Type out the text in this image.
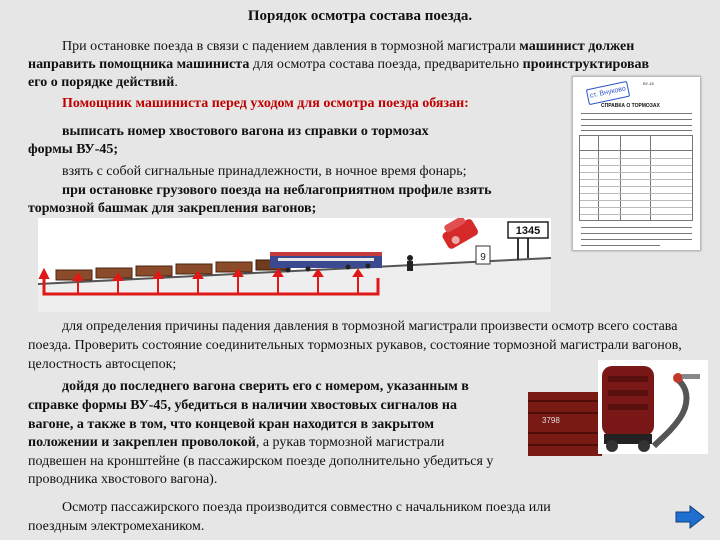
Порядок осмотра состава поезда.
При остановке поезда в связи с падением давления в тормозной магистрали машинист должен направить помощника машиниста для осмотра состава поезда, предварительно проинструктировав его о порядке действий.
Помощник машиниста перед уходом для осмотра поезда обязан:
выписать номер хвостового вагона из справки о тормозах
формы ВУ-45;
взять с собой сигнальные принадлежности, в ночное время фонарь;
при остановке грузового поезда на неблагоприятном профиле взять
тормозной башмак для закрепления вагонов;
ст. Внуково
ВУ-45
СПРАВКА О ТОРМОЗАХ
9
1345
для определения причины падения давления в тормозной магистрали произвести осмотр всего состава поезда. Проверить состояние соединительных тормозных рукавов, состояние тормозной магистрали вагонов, целостность автосцепок;
дойдя до последнего вагона сверить его с номером, указанным в
справке формы ВУ-45, убедиться в наличии хвостовых сигналов на
вагоне, а также в том, что концевой кран находится в закрытом
положении и закреплен проволокой, а рукав тормозной магистрали
подвешен на кронштейне (в пассажирском поезде дополнительно убедиться у
проводника хвостового вагона).
3798
Осмотр пассажирского поезда производится совместно с начальником поезда или
поездным электромехаником.
